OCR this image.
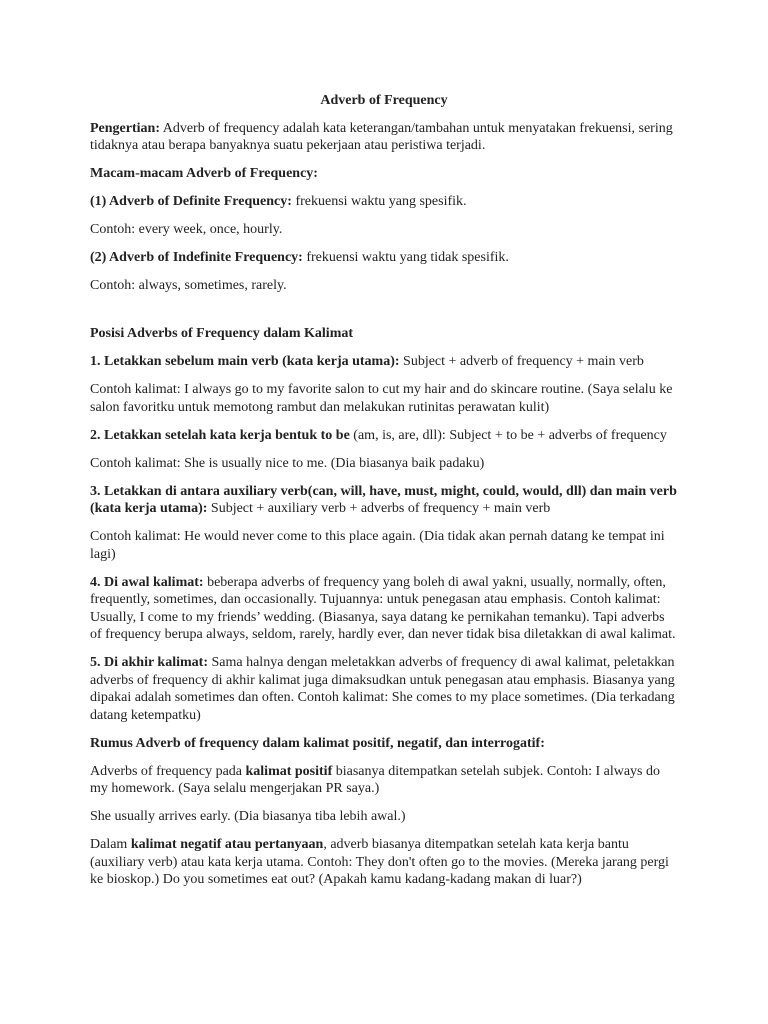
Adverb of Frequency

Pengertian: Adverb of frequency adalah kata keterangan/tambahan untuk menyatakan frekuensi, sering tidaknya atau berapa banyaknya suatu pekerjaan atau peristiwa terjadi.

Macam-macam Adverb of Frequency:

(1) Adverb of Definite Frequency: frekuensi waktu yang spesifik.

Contoh: every week, once, hourly.

(2) Adverb of Indefinite Frequency: frekuensi waktu yang tidak spesifik.

Contoh: always, sometimes, rarely.

Posisi Adverbs of Frequency dalam Kalimat

1. Letakkan sebelum main verb (kata kerja utama): Subject + adverb of frequency + main verb

Contoh kalimat: I always go to my favorite salon to cut my hair and do skincare routine. (Saya selalu ke salon favoritku untuk memotong rambut dan melakukan rutinitas perawatan kulit)

2. Letakkan setelah kata kerja bentuk to be (am, is, are, dll): Subject + to be + adverbs of frequency

Contoh kalimat: She is usually nice to me. (Dia biasanya baik padaku)

3. Letakkan di antara auxiliary verb(can, will, have, must, might, could, would, dll) dan main verb (kata kerja utama): Subject + auxiliary verb + adverbs of frequency + main verb

Contoh kalimat: He would never come to this place again. (Dia tidak akan pernah datang ke tempat ini lagi)

4. Di awal kalimat: beberapa adverbs of frequency yang boleh di awal yakni, usually, normally, often, frequently, sometimes, dan occasionally. Tujuannya: untuk penegasan atau emphasis. Contoh kalimat: Usually, I come to my friends’ wedding. (Biasanya, saya datang ke pernikahan temanku). Tapi adverbs of frequency berupa always, seldom, rarely, hardly ever, dan never tidak bisa diletakkan di awal kalimat.

5. Di akhir kalimat: Sama halnya dengan meletakkan adverbs of frequency di awal kalimat, peletakkan adverbs of frequency di akhir kalimat juga dimaksudkan untuk penegasan atau emphasis. Biasanya yang dipakai adalah sometimes dan often. Contoh kalimat: She comes to my place sometimes. (Dia terkadang datang ketempatku)

Rumus Adverb of frequency dalam kalimat positif, negatif, dan interrogatif:

Adverbs of frequency pada kalimat positif biasanya ditempatkan setelah subjek. Contoh: I always do my homework. (Saya selalu mengerjakan PR saya.)

She usually arrives early. (Dia biasanya tiba lebih awal.)

Dalam kalimat negatif atau pertanyaan, adverb biasanya ditempatkan setelah kata kerja bantu (auxiliary verb) atau kata kerja utama. Contoh: They don't often go to the movies. (Mereka jarang pergi ke bioskop.) Do you sometimes eat out? (Apakah kamu kadang-kadang makan di luar?)
